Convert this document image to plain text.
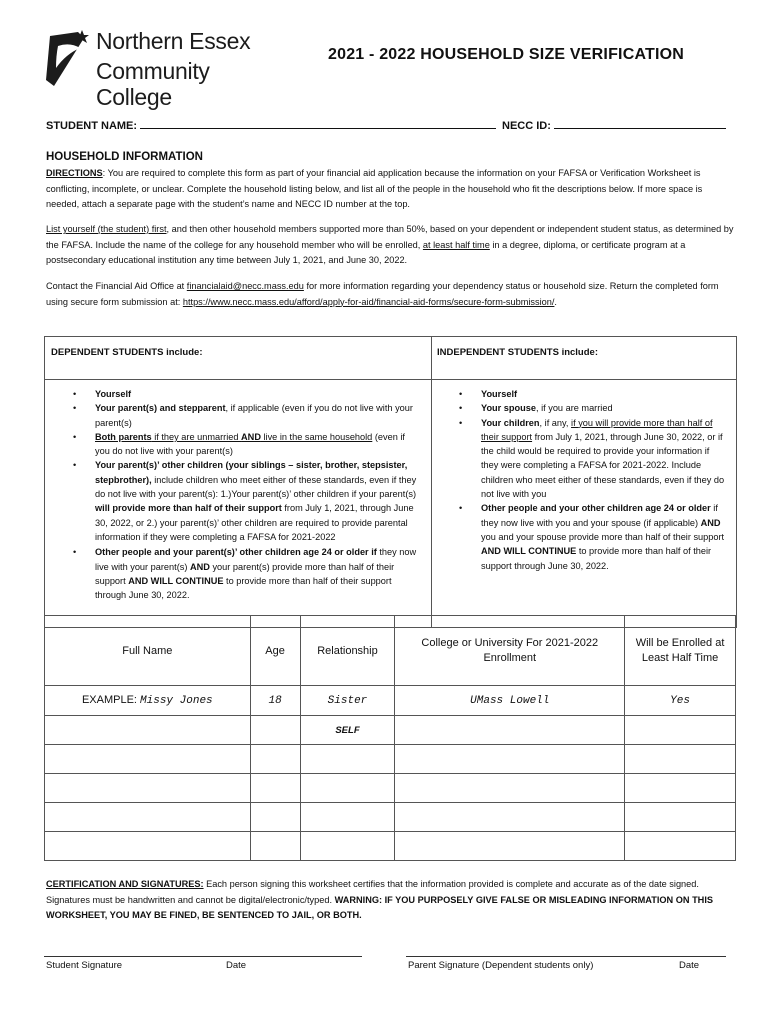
Northern Essex
Community College
2021 - 2022 HOUSEHOLD SIZE VERIFICATION
STUDENT NAME:	NECC ID:
HOUSEHOLD INFORMATION
DIRECTIONS: You are required to complete this form as part of your financial aid application because the information on your FAFSA or Verification Worksheet is conflicting, incomplete, or unclear. Complete the household listing below, and list all of the people in the household who fit the descriptions below. If more space is needed, attach a separate page with the student’s name and NECC ID number at the top.
List yourself (the student) first, and then other household members supported more than 50%, based on your dependent or independent student status, as determined by the FAFSA. Include the name of the college for any household member who will be enrolled, at least half time in a degree, diploma, or certificate program at a postsecondary educational institution any time between July 1, 2021, and June 30, 2022.
Contact the Financial Aid Office at financialaid@necc.mass.edu for more information regarding your dependency status or household size. Return the completed form using secure form submission at: https://www.necc.mass.edu/afford/apply-for-aid/financial-aid-forms/secure-form-submission/.
DEPENDENT STUDENTS include:	INDEPENDENT STUDENTS include:
• Yourself
• Your parent(s) and stepparent, if applicable (even if you do not live with your parent(s)
• Both parents if they are unmarried AND live in the same household (even if you do not live with your parent(s)
• Your parent(s)’ other children (your siblings – sister, brother, stepsister, stepbrother), include children who meet either of these standards, even if they do not live with your parent(s): 1.)Your parent(s)’ other children if your parent(s) will provide more than half of their support from July 1, 2021, through June 30, 2022, or 2.) your parent(s)’ other children are required to provide parental information if they were completing a FAFSA for 2021-2022
• Other people and your parent(s)’ other children age 24 or older if they now live with your parent(s) AND your parent(s) provide more than half of their support AND WILL CONTINUE to provide more than half of their support through June 30, 2022.
• Yourself
• Your spouse, if you are married
• Your children, if any, if you will provide more than half of their support from July 1, 2021, through June 30, 2022, or if the child would be required to provide your information if they were completing a FAFSA for 2021-2022. Include children who meet either of these standards, even if they do not live with you
• Other people and your other children age 24 or older if they now live with you and your spouse (if applicable) AND you and your spouse provide more than half of their support AND WILL CONTINUE to provide more than half of their support through June 30, 2022.
Full Name	Age	Relationship	College or University For 2021-2022 Enrollment	Will be Enrolled at Least Half Time
EXAMPLE: Missy Jones	18	Sister	UMass Lowell	Yes
		SELF		

CERTIFICATION AND SIGNATURES: Each person signing this worksheet certifies that the information provided is complete and accurate as of the date signed. Signatures must be handwritten and cannot be digital/electronic/typed. WARNING: IF YOU PURPOSELY GIVE FALSE OR MISLEADING INFORMATION ON THIS WORKSHEET, YOU MAY BE FINED, BE SENTENCED TO JAIL, OR BOTH.
Student Signature	Date	Parent Signature (Dependent students only)	Date
